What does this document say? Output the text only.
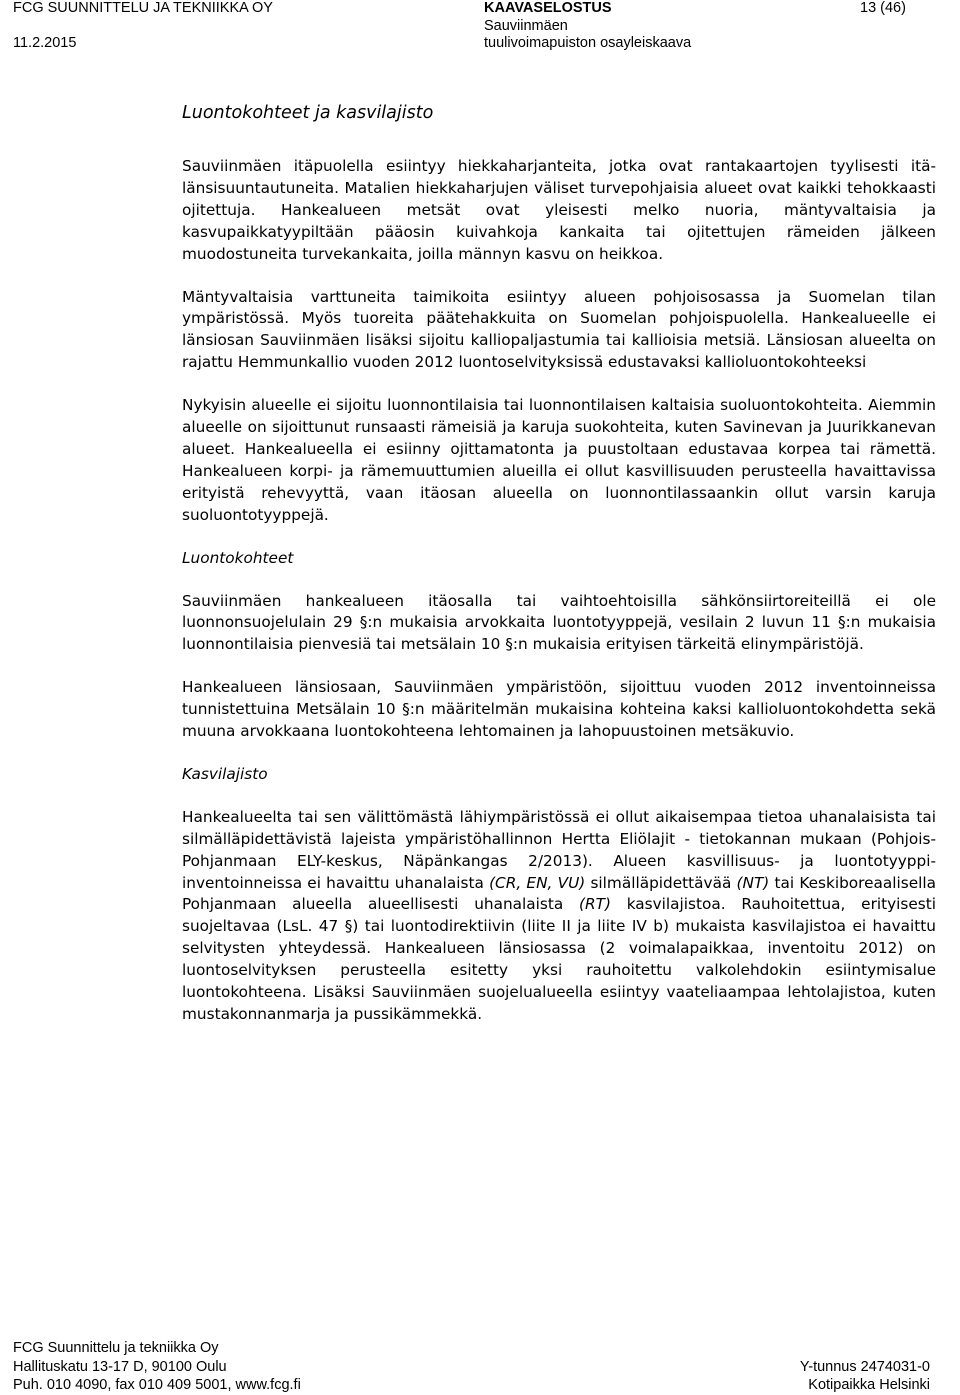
FCG SUUNNITTELU JA TEKNIIKKA OY
11.2.2015
KAAVASELOSTUS
Sauviinmäen
tuulivoimapuiston osayleiskaava
13 (46)
Luontokohteet ja kasvilajisto

Sauviinmäen itäpuolella esiintyy hiekkaharjanteita, jotka ovat rantakaartojen tyylisesti itä-länsisuuntautuneita. Matalien hiekkaharjujen väliset turvepohjaisia alueet ovat kaikki tehokkaasti ojitettuja. Hankealueen metsät ovat yleisesti melko nuoria, mäntyvaltaisia ja kasvupaikkatyypiltään pääosin kuivahkoja kankaita tai ojitettujen rämeiden jälkeen muodostuneita turvekankaita, joilla männyn kasvu on heikkoa.

Mäntyvaltaisia varttuneita taimikoita esiintyy alueen pohjoisosassa ja Suomelan tilan ympäristössä. Myös tuoreita päätehakkuita on Suomelan pohjoispuolella. Hankealueelle ei länsiosan Sauviinmäen lisäksi sijoitu kalliopaljastumia tai kallioisia metsiä. Länsiosan alueelta on rajattu Hemmunkallio vuoden 2012 luontoselvityksissä edustavaksi kallioluontokohteeksi

Nykyisin alueelle ei sijoitu luonnontilaisia tai luonnontilaisen kaltaisia suoluontokohteita. Aiemmin alueelle on sijoittunut runsaasti rämeisiä ja karuja suokohteita, kuten Savinevan ja Juurikkanevan alueet. Hankealueella ei esiinny ojittamatonta ja puustoltaan edustavaa korpea tai rämettä. Hankealueen korpi- ja rämemuuttumien alueilla ei ollut kasvillisuuden perusteella havaittavissa erityistä rehevyyttä, vaan itäosan alueella on luonnontilassaankin ollut varsin karuja suoluontotyyppejä.

Luontokohteet

Sauviinmäen hankealueen itäosalla tai vaihtoehtoisilla sähkönsiirtoreiteillä ei ole luonnonsuojelulain 29 §:n mukaisia arvokkaita luontotyyppejä, vesilain 2 luvun 11 §:n mukaisia luonnontilaisia pienvesiä tai metsälain 10 §:n mukaisia erityisen tärkeitä elinympäristöjä.

Hankealueen länsiosaan, Sauviinmäen ympäristöön, sijoittuu vuoden 2012 inventoinneissa tunnistettuina Metsälain 10 §:n määritelmän mukaisina kohteina kaksi kallioluontokohdetta sekä muuna arvokkaana luontokohteena lehtomainen ja lahopuustoinen metsäkuvio.

Kasvilajisto

Hankealueelta tai sen välittömästä lähiympäristössä ei ollut aikaisempaa tietoa uhanalaisista tai silmälläpidettävistä lajeista ympäristöhallinnon Hertta Eliölajit - tietokannan mukaan (Pohjois-Pohjanmaan ELY-keskus, Näpänkangas 2/2013). Alueen kasvillisuus- ja luontotyyppi-inventoinneissa ei havaittu uhanalaista (CR, EN, VU) silmälläpidettävää (NT) tai Keskiboreaalisella Pohjanmaan alueella alueellisesti uhanalaista (RT) kasvilajistoa. Rauhoitettua, erityisesti suojeltavaa (LsL. 47 §) tai luontodirektiivin (liite II ja liite IV b) mukaista kasvilajistoa ei havaittu selvitysten yhteydessä. Hankealueen länsiosassa (2 voimalapaikkaa, inventoitu 2012) on luontoselvityksen perusteella esitetty yksi rauhoitettu valkolehdokin esiintymisalue luontokohteena. Lisäksi Sauviinmäen suojelualueella esiintyy vaateliaampaa lehtolajistoa, kuten mustakonnanmarja ja pussikämmekkä.

FCG Suunnittelu ja tekniikka Oy
Hallituskatu 13-17 D, 90100 Oulu
Puh. 010 4090, fax 010 409 5001, www.fcg.fi
Y-tunnus 2474031-0
Kotipaikka Helsinki
